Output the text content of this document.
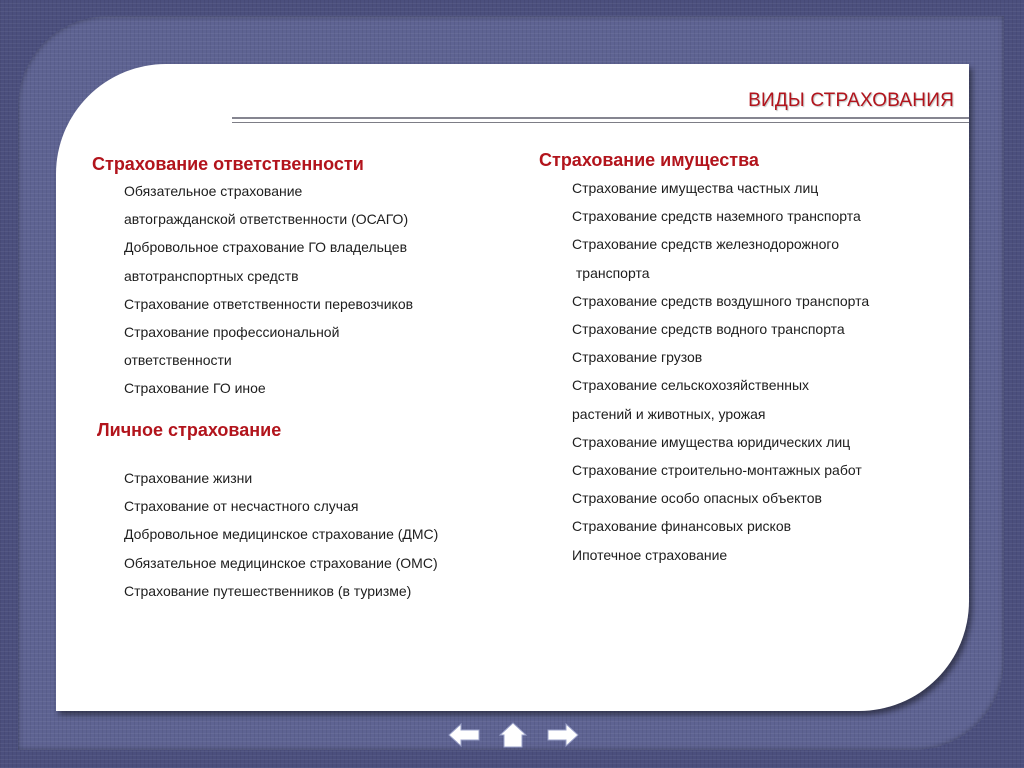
ВИДЫ СТРАХОВАНИЯ
Страхование ответственности
Обязательное страхование
автогражданской ответственности (ОСАГО)
Добровольное страхование ГО владельцев
автотранспортных средств
Страхование ответственности перевозчиков
Страхование профессиональной
ответственности
Страхование ГО иное
Личное страхование
Страхование жизни
Страхование от несчастного случая
Добровольное медицинское страхование (ДМС)
Обязательное медицинское страхование (ОМС)
Страхование путешественников (в туризме)
Страхование имущества
Страхование имущества частных лиц
Страхование средств наземного транспорта
Страхование средств железнодорожного
транспорта
Страхование средств воздушного транспорта
Страхование средств водного транспорта
Страхование грузов
Страхование сельскохозяйственных
растений и животных, урожая
Страхование имущества юридических лиц
Страхование строительно-монтажных работ
Страхование особо опасных объектов
Страхование финансовых рисков
Ипотечное страхование
